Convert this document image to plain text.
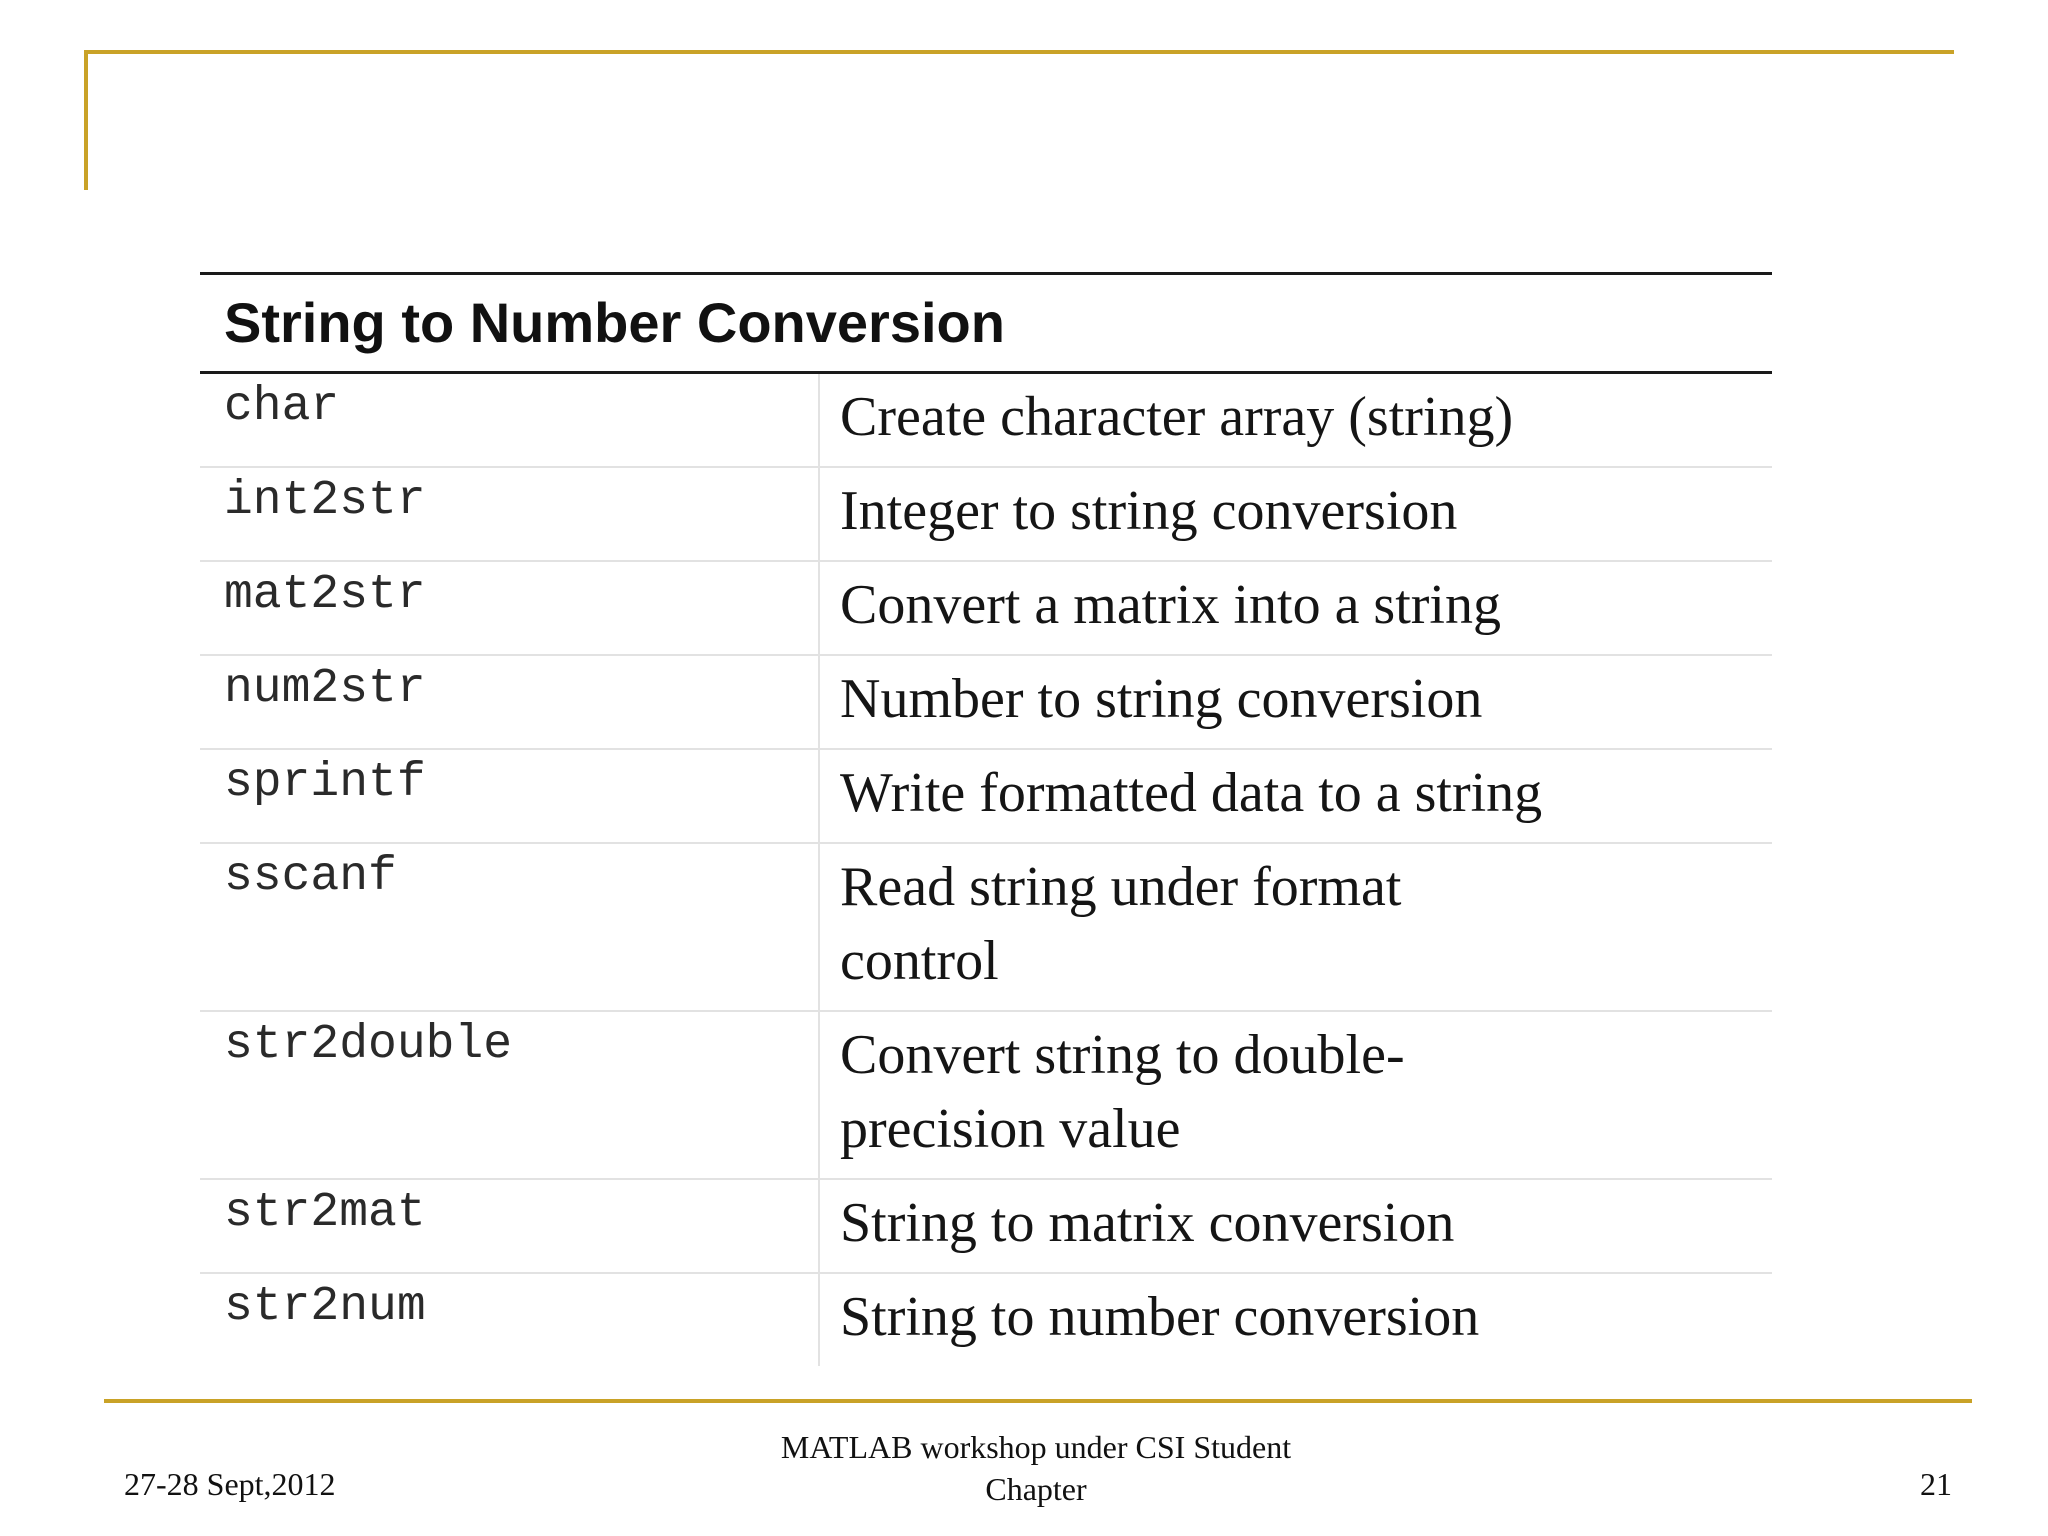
String to Number Conversion
char	Create character array (string)
int2str	Integer to string conversion
mat2str	Convert a matrix into a string
num2str	Number to string conversion
sprintf	Write formatted data to a string
sscanf	Read string under format control
str2double	Convert string to double-precision value
str2mat	String to matrix conversion
str2num	String to number conversion
27-28 Sept,2012
MATLAB workshop under CSI Student Chapter	21
